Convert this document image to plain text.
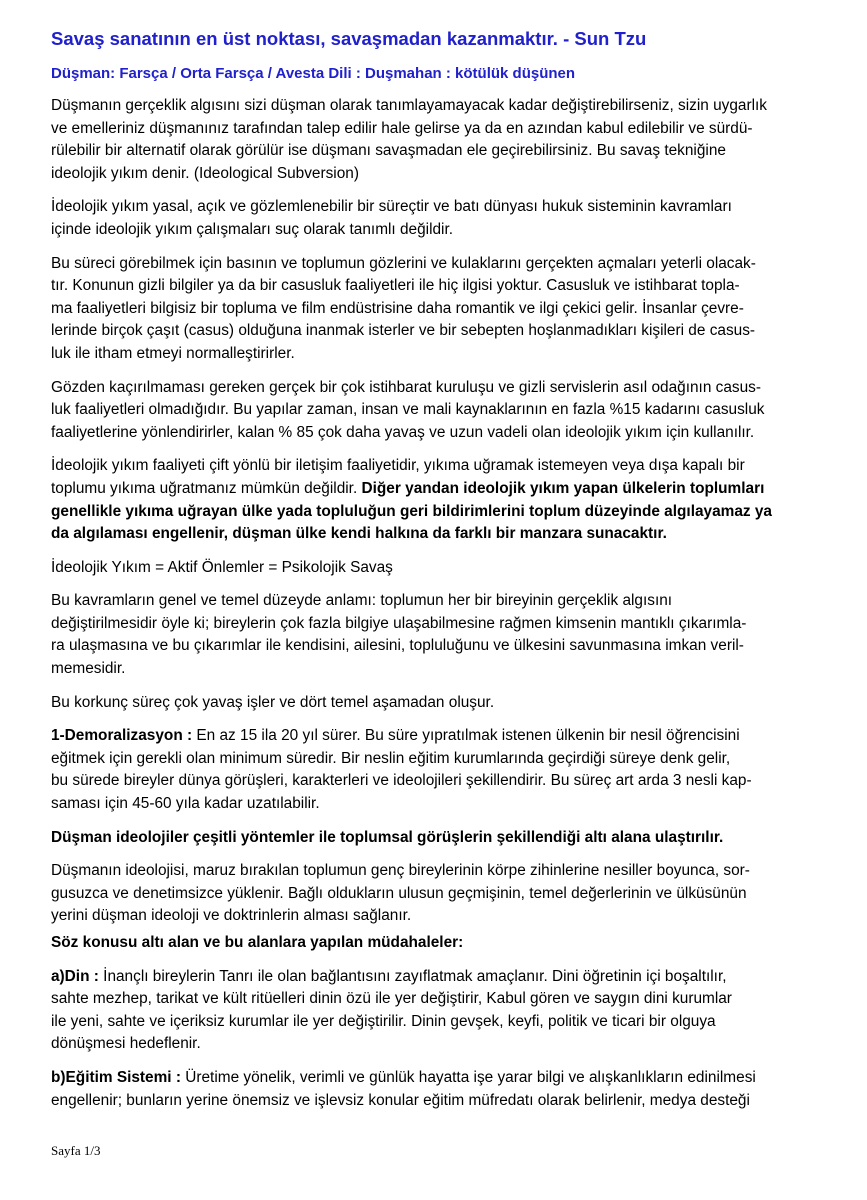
Savaş sanatının en üst noktası, savaşmadan kazanmaktır. - Sun Tzu
Düşman: Farsça / Orta Farsça / Avesta Dili : Duşmahan : kötülük düşünen
Düşmanın gerçeklik algısını sizi düşman olarak tanımlayamayacak kadar değiştirebilirseniz, sizin uygarlık
ve emelleriniz düşmanınız tarafından talep edilir hale gelirse ya da en azından kabul edilebilir ve sürdü-
rülebilir bir alternatif olarak görülür ise düşmanı savaşmadan ele geçirebilirsiniz. Bu savaş tekniğine
ideolojik yıkım denir. (Ideological Subversion)
İdeolojik yıkım yasal, açık ve gözlemlenebilir bir süreçtir ve batı dünyası hukuk sisteminin kavramları
içinde ideolojik yıkım çalışmaları suç olarak tanımlı değildir.
Bu süreci görebilmek için basının ve toplumun gözlerini ve kulaklarını gerçekten açmaları yeterli olacak-
tır. Konunun gizli bilgiler ya da bir casusluk faaliyetleri ile hiç ilgisi yoktur. Casusluk ve istihbarat topla-
ma faaliyetleri bilgisiz bir topluma ve film endüstrisine daha romantik ve ilgi çekici gelir. İnsanlar çevre-
lerinde birçok çaşıt (casus) olduğuna inanmak isterler ve bir sebepten hoşlanmadıkları kişileri de casus-
luk ile itham etmeyi normalleştirirler.
Gözden kaçırılmaması gereken gerçek bir çok istihbarat kuruluşu ve gizli servislerin asıl odağının casus-
luk faaliyetleri olmadığıdır. Bu yapılar zaman, insan ve mali kaynaklarının en fazla %15 kadarını casusluk
faaliyetlerine yönlendirirler, kalan % 85 çok daha yavaş ve uzun vadeli olan ideolojik yıkım için kullanılır.
İdeolojik yıkım faaliyeti çift yönlü bir iletişim faaliyetidir, yıkıma uğramak istemeyen veya dışa kapalı bir
toplumu yıkıma uğratmanız mümkün değildir. Diğer yandan ideolojik yıkım yapan ülkelerin toplumları
genellikle yıkıma uğrayan ülke yada topluluğun geri bildirimlerini toplum düzeyinde algılayamaz ya
da algılaması engellenir, düşman ülke kendi halkına da farklı bir manzara sunacaktır.
İdeolojik Yıkım = Aktif Önlemler = Psikolojik Savaş
Bu kavramların genel ve temel düzeyde anlamı: toplumun her bir bireyinin gerçeklik algısını
değiştirilmesidir öyle ki; bireylerin çok fazla bilgiye ulaşabilmesine rağmen kimsenin mantıklı çıkarımla-
ra ulaşmasına ve bu çıkarımlar ile kendisini, ailesini, topluluğunu ve ülkesini savunmasına imkan veril-
memesidir.
Bu korkunç süreç çok yavaş işler ve dört temel aşamadan oluşur.
1-Demoralizasyon : En az 15 ila 20 yıl sürer. Bu süre yıpratılmak istenen ülkenin bir nesil öğrencisini
eğitmek için gerekli olan minimum süredir. Bir neslin eğitim kurumlarında geçirdiği süreye denk gelir,
bu sürede bireyler dünya görüşleri, karakterleri ve ideolojileri şekillendirir. Bu süreç art arda 3 nesli kap-
saması için 45-60 yıla kadar uzatılabilir.
Düşman ideolojiler çeşitli yöntemler ile toplumsal görüşlerin şekillendiği altı alana ulaştırılır.
Düşmanın ideolojisi, maruz bırakılan toplumun genç bireylerinin körpe zihinlerine nesiller boyunca, sor-
gusuzca ve denetimsizce yüklenir. Bağlı oldukların ulusun geçmişinin, temel değerlerinin ve ülküsünün
yerini düşman ideoloji ve doktrinlerin alması sağlanır.
Söz konusu altı alan ve bu alanlara yapılan müdahaleler:
a)Din : İnançlı bireylerin Tanrı ile olan bağlantısını zayıflatmak amaçlanır. Dini öğretinin içi boşaltılır,
sahte mezhep, tarikat ve kült ritüelleri dinin özü ile yer değiştirir, Kabul gören ve saygın dini kurumlar
ile yeni, sahte ve içeriksiz kurumlar ile yer değiştirilir. Dinin gevşek, keyfi, politik ve ticari bir olguya
dönüşmesi hedeflenir.
b)Eğitim Sistemi : Üretime yönelik, verimli ve günlük hayatta işe yarar bilgi ve alışkanlıkların edinilmesi
engellenir; bunların yerine önemsiz ve işlevsiz konular eğitim müfredatı olarak belirlenir, medya desteği
Sayfa 1/3
